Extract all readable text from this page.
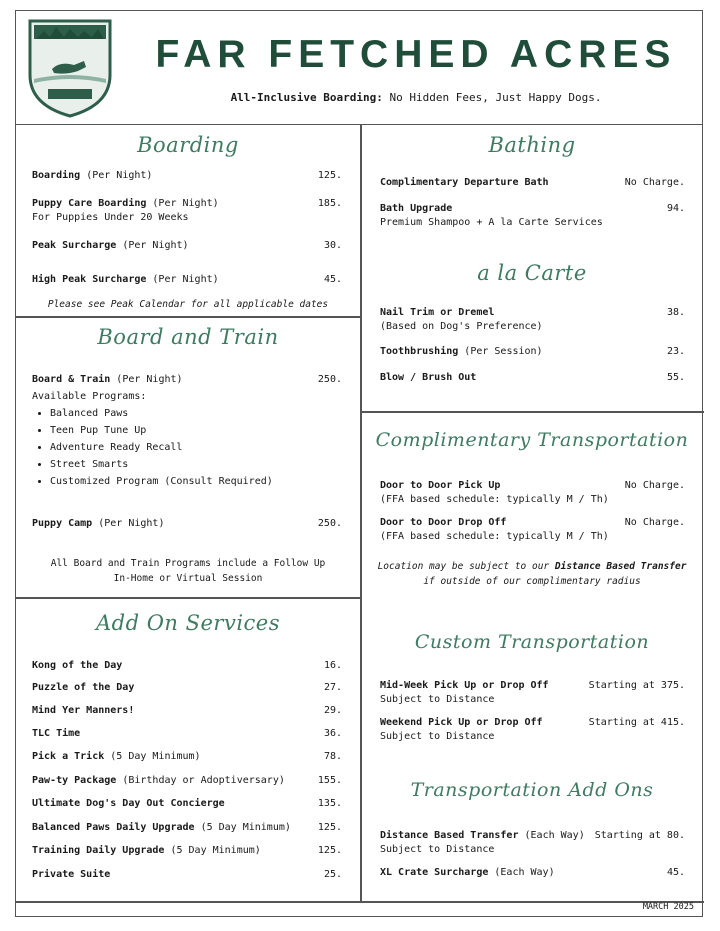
FAR FETCHED ACRES
All-Inclusive Boarding: No Hidden Fees, Just Happy Dogs.
Boarding
Boarding (Per Night)	125.
Puppy Care Boarding (Per Night)	185.
For Puppies Under 20 Weeks
Peak Surcharge (Per Night)	30.
High Peak Surcharge (Per Night)	45.
Please see Peak Calendar for all applicable dates
Board and Train
Board & Train (Per Night)	250.
Available Programs:
• Balanced Paws
• Teen Pup Tune Up
• Adventure Ready Recall
• Street Smarts
• Customized Program (Consult Required)
Puppy Camp (Per Night)	250.
All Board and Train Programs include a Follow Up
In-Home or Virtual Session
Add On Services
Kong of the Day	16.
Puzzle of the Day	27.
Mind Yer Manners!	29.
TLC Time	36.
Pick a Trick (5 Day Minimum)	78.
Paw-ty Package (Birthday or Adoptiversary)	155.
Ultimate Dog's Day Out Concierge	135.
Balanced Paws Daily Upgrade (5 Day Minimum)	125.
Training Daily Upgrade (5 Day Minimum)	125.
Private Suite	25.
Bathing
Complimentary Departure Bath	No Charge.
Bath Upgrade	94.
Premium Shampoo + A la Carte Services
a la Carte
Nail Trim or Dremel	38.
(Based on Dog's Preference)
Toothbrushing (Per Session)	23.
Blow / Brush Out	55.
Complimentary Transportation
Door to Door Pick Up	No Charge.
(FFA based schedule: typically M / Th)
Door to Door Drop Off	No Charge.
(FFA based schedule: typically M / Th)
Location may be subject to our Distance Based Transfer
if outside of our complimentary radius
Custom Transportation
Mid-Week Pick Up or Drop Off	Starting at 375.
Subject to Distance
Weekend Pick Up or Drop Off	Starting at 415.
Subject to Distance
Transportation Add Ons
Distance Based Transfer (Each Way) Starting at 80.
Subject to Distance
XL Crate Surcharge (Each Way)	45.
MARCH 2025
